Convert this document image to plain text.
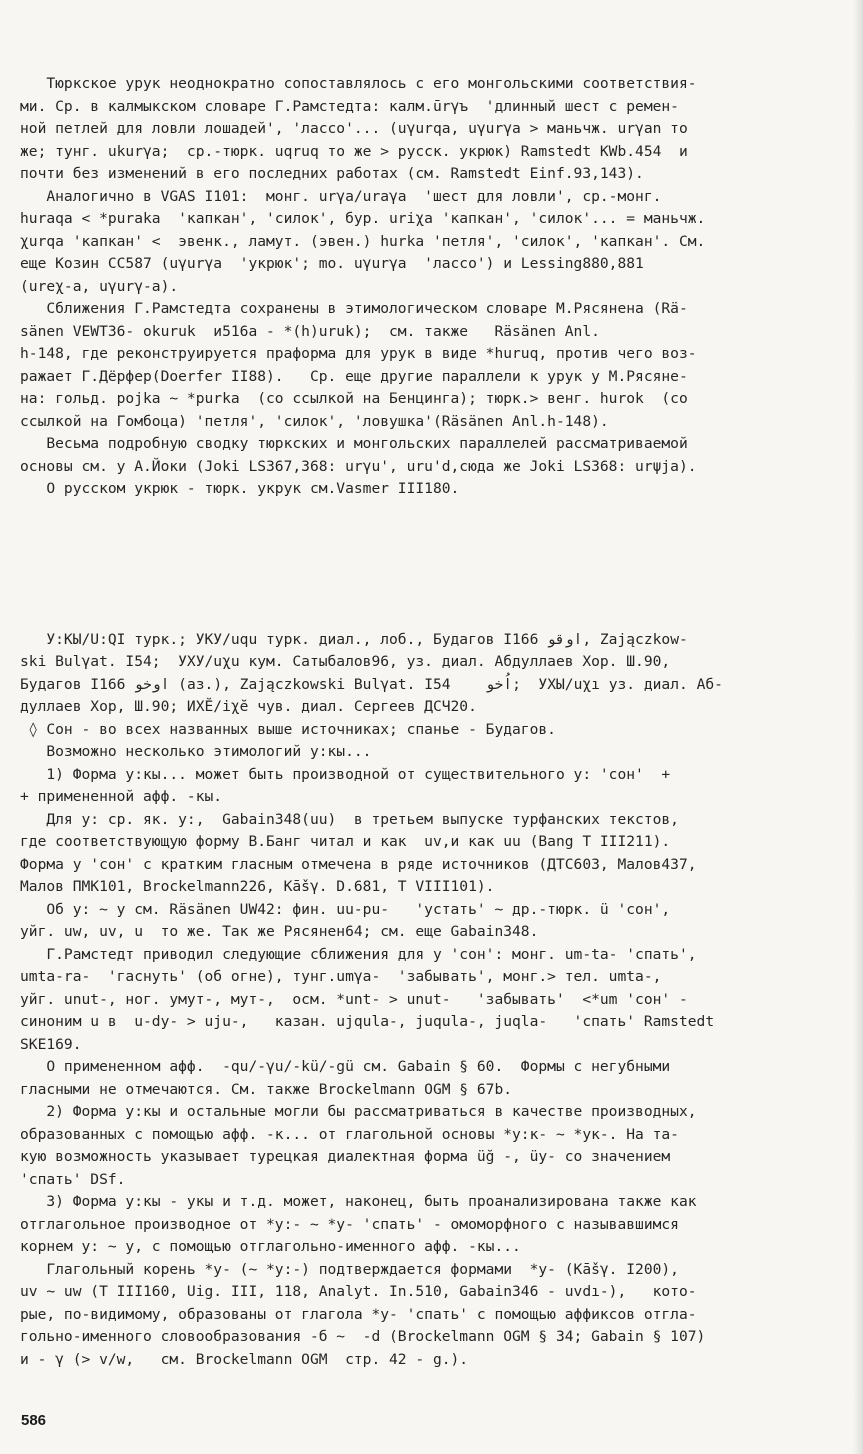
Тюркское урук неоднократно сопоставлялось с его монгольскими соответствия-
ми. Ср. в калмыкском словаре Г.Рамстедта: калм.ūrγъ  'длинный шест с ремен-
ной петлей для ловли лошадей', 'лассо'... (uγurqa, uγurγa > маньчж. urγan то
же; тунг. ukurγa;  ср.-тюрк. uqruq то же > русск. укрюк) Ramstedt KWb.454  и
почти без изменений в его последних работах (см. Ramstedt Einf.93,143).
Аналогично в VGAS I101:  монг. urγa/uraγa  'шест для ловли', ср.-монг.
huraqa < *puraka  'капкан', 'силок', бур. uriχa 'капкан', 'силок'... = маньчж.
χurqa 'капкан' <  эвенк., ламут. (эвен.) hurka 'петля', 'силок', 'капкан'. См.
еще Козин СС587 (uγurγa  'укрюк'; mo. uγurγa  'лассо') и Lessing880,881
(ureχ-a, uγurγ-a).
Сближения Г.Рамстедта сохранены в этимологическом словаре М.Рясянена (Rä-
sänen VEWT36- okuruk  и516a - *(h)uruk);  см. также   Räsänen Anl.
h-148, где реконструируется праформа для урук в виде *huruq, против чего воз-
ражает Г.Дёрфер(Doerfer II88).   Ср. еще другие параллели к урук у М.Рясяне-
на: гольд. pojka ~ *purka  (со ссылкой на Бенцинга); тюрк.> венг. hurok  (со
ссылкой на Гомбоца) 'петля', 'силок', 'ловушка'(Räsänen Anl.h-148).
Весьма подробную сводку тюркских и монгольских параллелей рассматриваемой
основы см. у А.Йоки (Joki LS367,368: urγu', uru'd,сюда же Joki LS368: urψja).
О русском укрюк - тюрк. укрук см.Vasmer III180.

У:КЫ/U:QI турк.; УКУ/uqu турк. диал., лоб., Будагов I166 اوقو, Zajączkow-
ski Bulγat. I54;  УХУ/uχu кум. Сатыбалов96, уз. диал. Абдуллаев Хор. Ш.90,
Будагов I166 اوخو (аз.), Zajączkowski Bulγat. I54    اُخو;  УХЫ/uχı уз. диал. Аб-
дуллаев Хор, Ш.90; ИХĔ/iχĕ чув. диал. Сергеев ДСЧ20.
◊ Сон - во всех названных выше источниках; спанье - Будагов.
Возможно несколько этимологий у:кы...
1) Форма у:кы... может быть производной от существительного у: 'сон'  +
+ примененной афф. -кы.
Для у: ср. як. у:,  Gabain348(uu)  в третьем выпуске турфанских текстов,
где соответствующую форму В.Банг читал и как  uv,и как uu (Bang T III211).
Форма у 'сон' с кратким гласным отмечена в ряде источников (ДТС603, Малов437,
Малов ПМК101, Brockelmann226, Kāšγ. D.681, T VIII101).
Об у: ~ у см. Räsänen UW42: фин. uu-pu-   'устать' ~ др.-тюрк. ü 'сон',
уйг. uw, uv, u  то же. Так же Рясянен64; см. еще Gabain348.
Г.Рамстедт приводил следующие сближения для у 'сон': монг. um-ta- 'спать',
umta-ra-  'гаснуть' (об огне), тунг.umγa-  'забывать', монг.> тел. umta-,
уйг. unut-, ног. умут-, мут-,  осм. *unt- > unut-   'забывать'  <*um 'сон' -
синоним u в  u-dy- > uju-,   казан. ujqula-, juqula-, juqla-   'спать' Ramstedt
SKE169.
О примененном афф.  -qu/-γu/-kü/-gü см. Gabain § 60.  Формы с негубными
гласными не отмечаются. См. также Brockelmann OGM § 67b.
2) Форма у:кы и остальные могли бы рассматриваться в качестве производных,
образованных с помощью афф. -к... от глагольной основы *у:к- ~ *ук-. На та-
кую возможность указывает турецкая диалектная форма üğ -, üy- со значением
'спать' DSf.
3) Форма у:кы - укы и т.д. может, наконец, быть проанализирована также как
отглагольное производное от *у:- ~ *у- 'спать' - омоморфного с называвшимся
корнем у: ~ у, с помощью отглагольно-именного афф. -кы...
Глагольный корень *у- (~ *у:-) подтверждается формами  *у- (Kāšγ. I200),
uv ~ uw (T III160, Uig. III, 118, Analyt. In.510, Gabain346 - uvdı-),   кото-
рые, по-видимому, образованы от глагола *у- 'спать' с помощью аффиксов отгла-
гольно-именного словообразования -б ~  -d (Brockelmann OGM § 34; Gabain § 107)
и - γ (> v/w,   см. Brockelmann OGM  стр. 42 - g.).

586
